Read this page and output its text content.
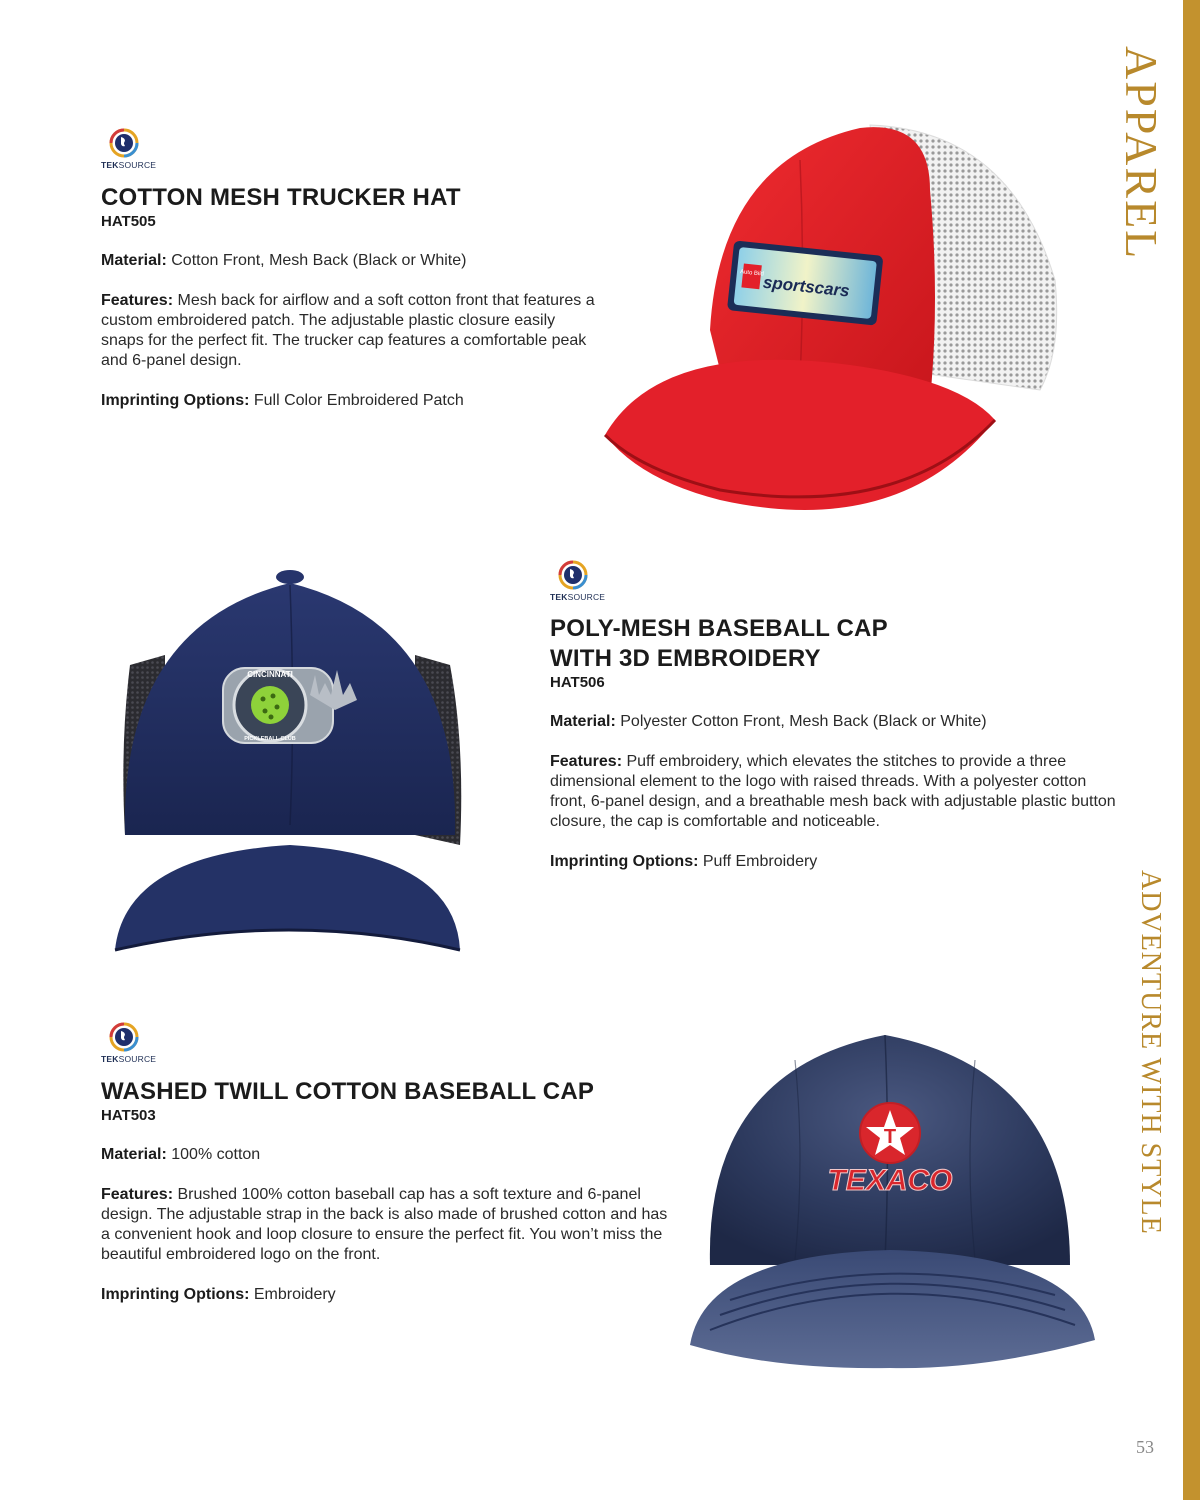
APPAREL
ADVENTURE WITH STYLE
53
TEKSOURCE
COTTON MESH TRUCKER HAT
HAT505
Material: Cotton Front, Mesh Back (Black or White)
Features: Mesh back for airflow and a soft cotton front that features a custom embroidered patch. The adjustable plastic closure easily snaps for the perfect fit. The trucker cap features a comfortable peak and 6-panel design.
Imprinting Options: Full Color Embroidered Patch
Auto Bild
sportscars
CINCINNATI
PICKLEBALL CLUB
TEKSOURCE
POLY-MESH BASEBALL CAP
WITH 3D EMBROIDERY
HAT506
Material: Polyester Cotton Front, Mesh Back (Black or White)
Features: Puff embroidery, which elevates the stitches to provide a three dimensional element to the logo with raised threads. With a polyester cotton front, 6-panel design, and a breathable mesh back with adjustable plastic button closure, the cap is comfortable and noticeable.
Imprinting Options: Puff Embroidery
TEKSOURCE
WASHED TWILL COTTON BASEBALL CAP
HAT503
Material: 100% cotton
Features: Brushed 100% cotton baseball cap has a soft texture and 6-panel design. The adjustable strap in the back is also made of brushed cotton and has a convenient hook and loop closure to ensure the perfect fit. You won’t miss the beautiful embroidered logo on the front.
Imprinting Options: Embroidery
T
TEXACO
